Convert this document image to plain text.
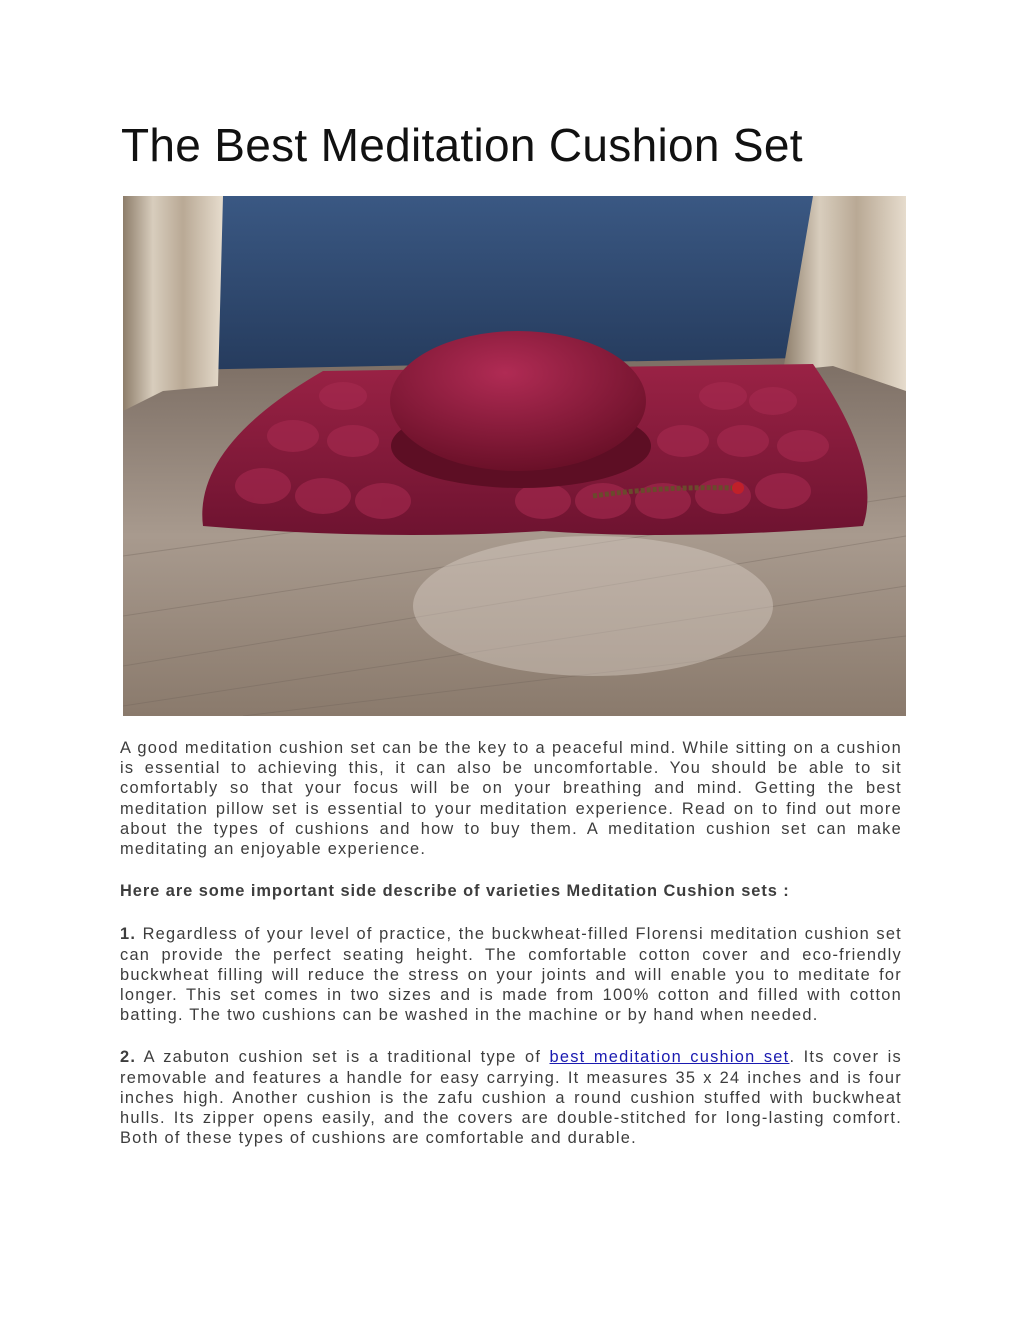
The Best Meditation Cushion Set

A good meditation cushion set can be the key to a peaceful mind. While sitting on a cushion is essential to achieving this, it can also be uncomfortable. You should be able to sit comfortably so that your focus will be on your breathing and mind. Getting the best meditation pillow set is essential to your meditation experience. Read on to find out more about the types of cushions and how to buy them. A meditation cushion set can make meditating an enjoyable experience.

Here are some important side describe of varieties Meditation Cushion sets :

1. Regardless of your level of practice, the buckwheat-filled Florensi meditation cushion set can provide the perfect seating height. The comfortable cotton cover and eco-friendly buckwheat filling will reduce the stress on your joints and will enable you to meditate for longer. This set comes in two sizes and is made from 100% cotton and filled with cotton batting. The two cushions can be washed in the machine or by hand when needed.

2. A zabuton cushion set is a traditional type of best meditation cushion set. Its cover is removable and features a handle for easy carrying. It measures 35 x 24 inches and is four inches high. Another cushion is the zafu cushion a round cushion stuffed with buckwheat hulls. Its zipper opens easily, and the covers are double-stitched for long-lasting comfort. Both of these types of cushions are comfortable and durable.
